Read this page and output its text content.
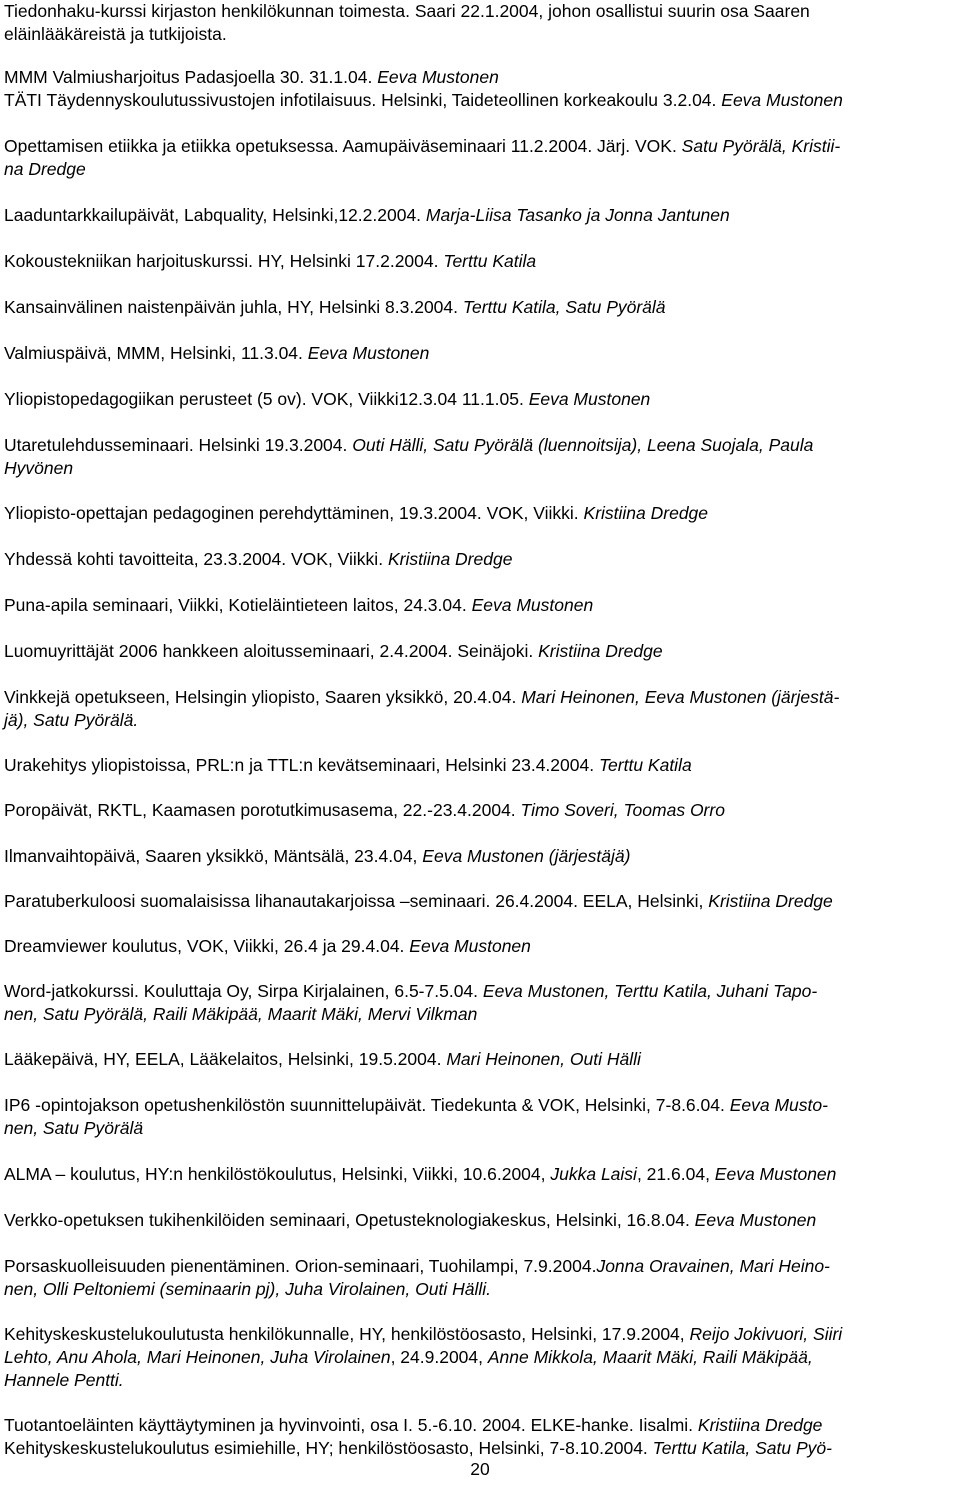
Tiedonhaku-kurssi kirjaston henkilökunnan toimesta. Saari 22.1.2004, johon osallistui suurin osa Saaren
eläinlääkäreistä ja tutkijoista.
MMM Valmiusharjoitus Padasjoella 30. 31.1.04. Eeva Mustonen
TÄTI Täydennyskoulutussivustojen infotilaisuus. Helsinki, Taideteollinen korkeakoulu 3.2.04. Eeva Mustonen
Opettamisen etiikka ja etiikka opetuksessa. Aamupäiväseminaari 11.2.2004. Järj. VOK. Satu Pyörälä, Kristii-
na Dredge
Laaduntarkkailupäivät, Labquality, Helsinki,12.2.2004. Marja-Liisa Tasanko ja Jonna Jantunen
Kokoustekniikan harjoituskurssi. HY, Helsinki 17.2.2004. Terttu Katila
Kansainvälinen naistenpäivän juhla, HY, Helsinki 8.3.2004. Terttu Katila, Satu Pyörälä
Valmiuspäivä, MMM, Helsinki, 11.3.04. Eeva Mustonen
Yliopistopedagogiikan perusteet (5 ov). VOK, Viikki12.3.04 11.1.05. Eeva Mustonen
Utaretulehdusseminaari. Helsinki 19.3.2004. Outi Hälli, Satu Pyörälä (luennoitsija), Leena Suojala, Paula
Hyvönen
Yliopisto-opettajan pedagoginen perehdyttäminen, 19.3.2004. VOK, Viikki. Kristiina Dredge
Yhdessä kohti tavoitteita, 23.3.2004. VOK, Viikki. Kristiina Dredge
Puna-apila seminaari, Viikki, Kotieläintieteen laitos, 24.3.04. Eeva Mustonen
Luomuyrittäjät 2006 hankkeen aloitusseminaari, 2.4.2004. Seinäjoki. Kristiina Dredge
Vinkkejä opetukseen, Helsingin yliopisto, Saaren yksikkö, 20.4.04. Mari Heinonen, Eeva Mustonen (järjestä-
jä), Satu Pyörälä.
Urakehitys yliopistoissa, PRL:n ja TTL:n kevätseminaari, Helsinki 23.4.2004. Terttu Katila
Poropäivät, RKTL, Kaamasen porotutkimusasema, 22.-23.4.2004. Timo Soveri, Toomas Orro
Ilmanvaihtopäivä, Saaren yksikkö, Mäntsälä, 23.4.04, Eeva Mustonen (järjestäjä)
Paratuberkuloosi suomalaisissa lihanautakarjoissa –seminaari. 26.4.2004. EELA, Helsinki, Kristiina Dredge
Dreamviewer koulutus, VOK, Viikki, 26.4 ja 29.4.04. Eeva Mustonen
Word-jatkokurssi. Kouluttaja Oy, Sirpa Kirjalainen, 6.5-7.5.04. Eeva Mustonen, Terttu Katila, Juhani Tapo-
nen, Satu Pyörälä, Raili Mäkipää, Maarit Mäki, Mervi Vilkman
Lääkepäivä, HY, EELA, Lääkelaitos, Helsinki, 19.5.2004. Mari Heinonen, Outi Hälli
IP6 -opintojakson opetushenkilöstön suunnittelupäivät. Tiedekunta & VOK, Helsinki, 7-8.6.04. Eeva Musto-
nen, Satu Pyörälä
ALMA – koulutus, HY:n henkilöstökoulutus, Helsinki, Viikki, 10.6.2004, Jukka Laisi, 21.6.04, Eeva Mustonen
Verkko-opetuksen tukihenkilöiden seminaari, Opetusteknologiakeskus, Helsinki, 16.8.04. Eeva Mustonen
Porsaskuolleisuuden pienentäminen. Orion-seminaari, Tuohilampi, 7.9.2004.Jonna Oravainen, Mari Heino-
nen, Olli Peltoniemi (seminaarin pj), Juha Virolainen, Outi Hälli.
Kehityskeskustelukoulutusta henkilökunnalle, HY, henkilöstöosasto, Helsinki, 17.9.2004, Reijo Jokivuori, Siiri
Lehto, Anu Ahola, Mari Heinonen, Juha Virolainen, 24.9.2004, Anne Mikkola, Maarit Mäki, Raili Mäkipää,
Hannele Pentti.
Tuotantoeläinten käyttäytyminen ja hyvinvointi, osa I. 5.-6.10. 2004. ELKE-hanke. Iisalmi. Kristiina Dredge
Kehityskeskustelukoulutus esimiehille, HY; henkilöstöosasto, Helsinki, 7-8.10.2004. Terttu Katila, Satu Pyö-
20
